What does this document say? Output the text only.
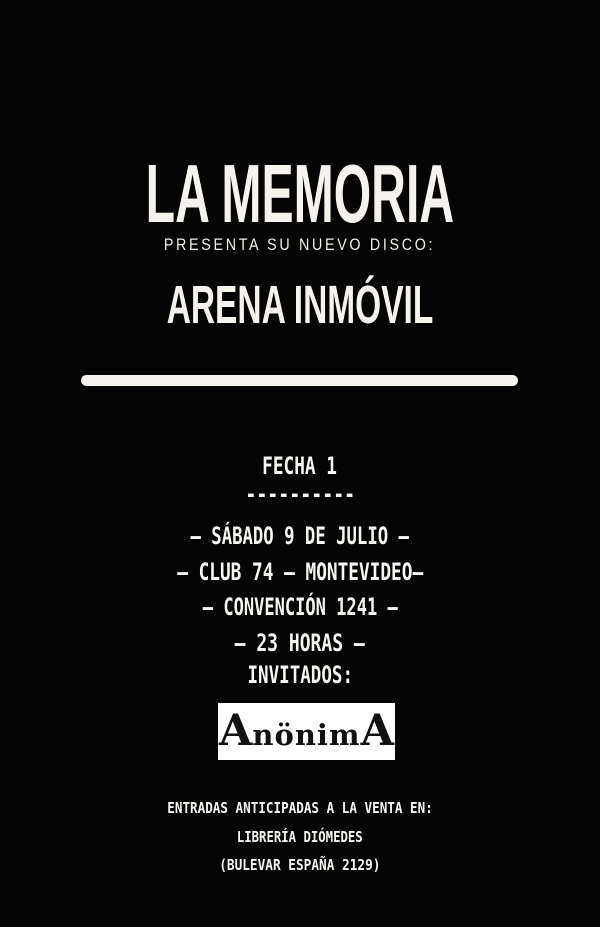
LA MEMORIA
PRESENTA SU NUEVO DISCO:
ARENA INMÓVIL
FECHA 1
----------
– SÁBADO 9 DE JULIO –
– CLUB 74 – MONTEVIDEO–
– CONVENCIÓN 1241 –
– 23 HORAS –
INVITADOS:
AnönimA
ENTRADAS ANTICIPADAS A LA VENTA EN:
LIBRERÍA DIÓMEDES
(BULEVAR ESPAÑA 2129)
